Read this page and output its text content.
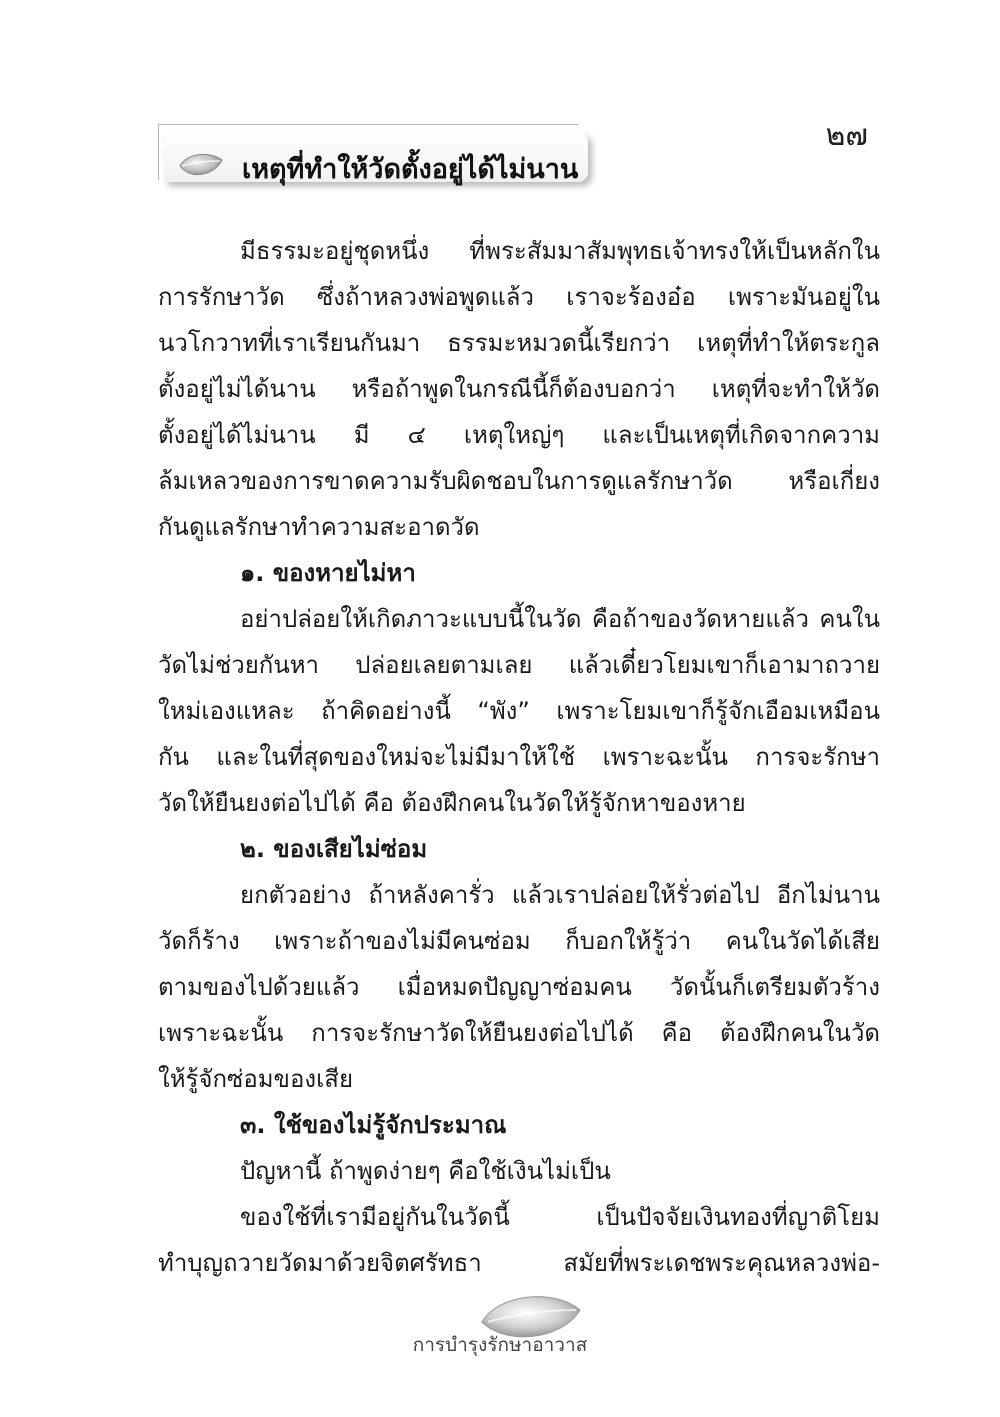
๒๗
เหตุที่ทำให้วัดตั้งอยู่ได้ไม่นาน
มีธรรมะอยู่ชุดหนึ่ง ที่พระสัมมาสัมพุทธเจ้าทรงให้เป็นหลักใน
การรักษาวัด ซึ่งถ้าหลวงพ่อพูดแล้ว เราจะร้องอ๋อ เพราะมันอยู่ใน
นวโกวาทที่เราเรียนกันมา ธรรมะหมวดนี้เรียกว่า เหตุที่ทำให้ตระกูล
ตั้งอยู่ไม่ได้นาน หรือถ้าพูดในกรณีนี้ก็ต้องบอกว่า เหตุที่จะทำให้วัด
ตั้งอยู่ได้ไม่นาน มี ๔ เหตุใหญ่ๆ และเป็นเหตุที่เกิดจากความ
ล้มเหลวของการขาดความรับผิดชอบในการดูแลรักษาวัด หรือเกี่ยง
กันดูแลรักษาทำความสะอาดวัด
๑. ของหายไม่หา
อย่าปล่อยให้เกิดภาวะแบบนี้ในวัด คือถ้าของวัดหายแล้ว คนใน
วัดไม่ช่วยกันหา ปล่อยเลยตามเลย แล้วเดี๋ยวโยมเขาก็เอามาถวาย
ใหม่เองแหละ ถ้าคิดอย่างนี้ “พัง” เพราะโยมเขาก็รู้จักเอือมเหมือน
กัน และในที่สุดของใหม่จะไม่มีมาให้ใช้ เพราะฉะนั้น การจะรักษา
วัดให้ยืนยงต่อไปได้ คือ ต้องฝึกคนในวัดให้รู้จักหาของหาย
๒. ของเสียไม่ซ่อม
ยกตัวอย่าง ถ้าหลังคารั่ว แล้วเราปล่อยให้รั่วต่อไป อีกไม่นาน
วัดก็ร้าง เพราะถ้าของไม่มีคนซ่อม ก็บอกให้รู้ว่า คนในวัดได้เสีย
ตามของไปด้วยแล้ว เมื่อหมดปัญญาซ่อมคน วัดนั้นก็เตรียมตัวร้าง
เพราะฉะนั้น การจะรักษาวัดให้ยืนยงต่อไปได้ คือ ต้องฝึกคนในวัด
ให้รู้จักซ่อมของเสีย
๓. ใช้ของไม่รู้จักประมาณ
ปัญหานี้ ถ้าพูดง่ายๆ คือใช้เงินไม่เป็น
ของใช้ที่เรามีอยู่กันในวัดนี้ เป็นปัจจัยเงินทองที่ญาติโยม
ทำบุญถวายวัดมาด้วยจิตศรัทธา สมัยที่พระเดชพระคุณหลวงพ่อ-
การบำรุงรักษาอาวาส
